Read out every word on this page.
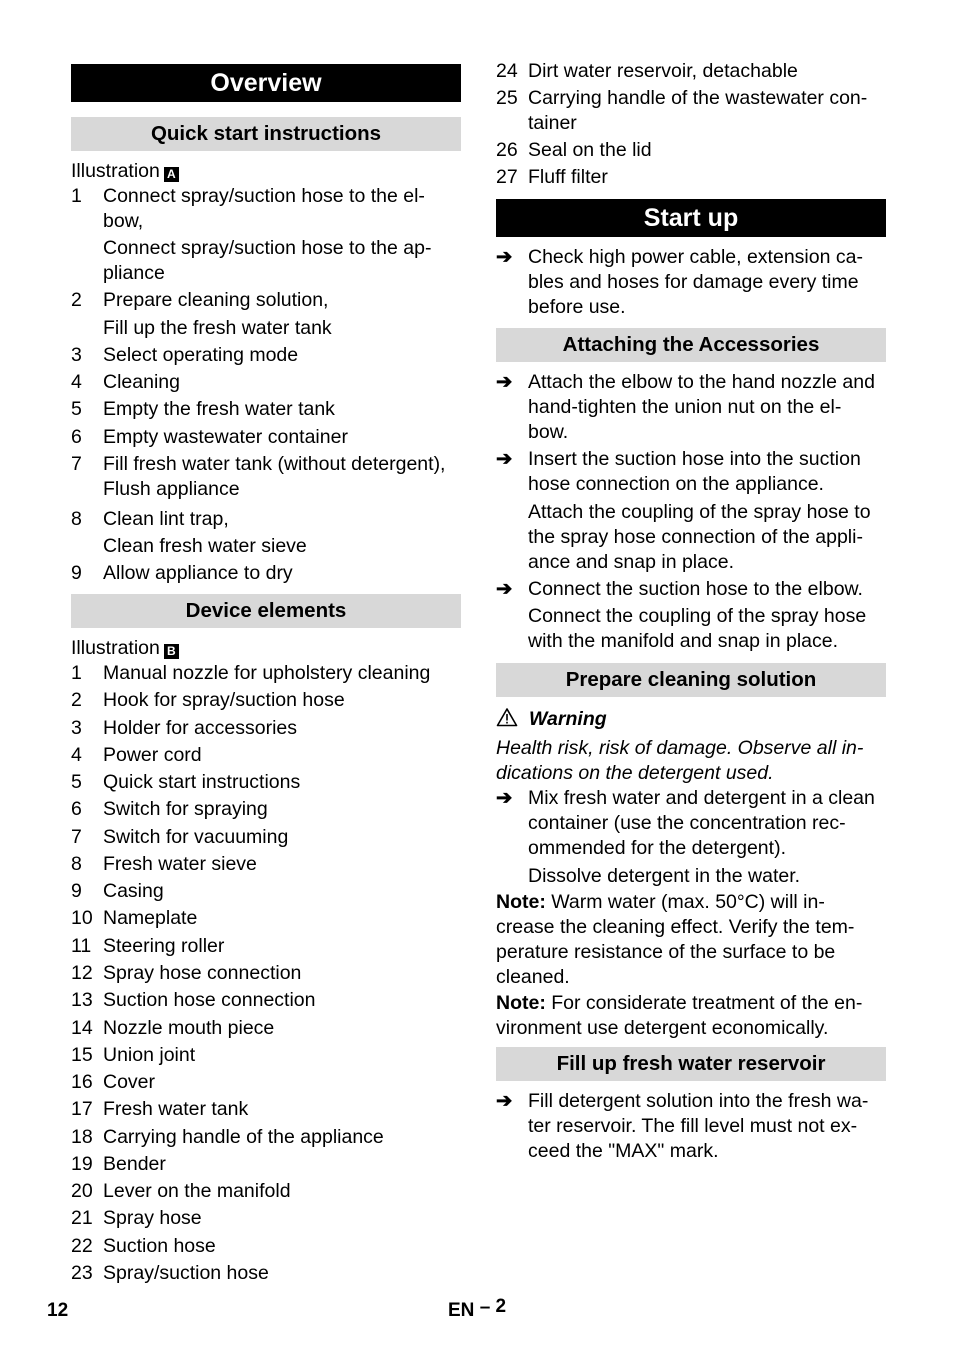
Overview
Quick start instructions
Illustration A
1 Connect spray/suction hose to the el-
bow,
Connect spray/suction hose to the ap-
pliance
2 Prepare cleaning solution,
Fill up the fresh water tank
3 Select operating mode
4 Cleaning
5 Empty the fresh water tank
6 Empty wastewater container
7 Fill fresh water tank (without detergent),
Flush appliance
8 Clean lint trap,
Clean fresh water sieve
9 Allow appliance to dry
Device elements
Illustration B
1 Manual nozzle for upholstery cleaning
2 Hook for spray/suction hose
3 Holder for accessories
4 Power cord
5 Quick start instructions
6 Switch for spraying
7 Switch for vacuuming
8 Fresh water sieve
9 Casing
10 Nameplate
11 Steering roller
12 Spray hose connection
13 Suction hose connection
14 Nozzle mouth piece
15 Union joint
16 Cover
17 Fresh water tank
18 Carrying handle of the appliance
19 Bender
20 Lever on the manifold
21 Spray hose
22 Suction hose
23 Spray/suction hose
24 Dirt water reservoir, detachable
25 Carrying handle of the wastewater con-
tainer
26 Seal on the lid
27 Fluff filter
Start up
➔ Check high power cable, extension ca-
bles and hoses for damage every time
before use.
Attaching the Accessories
➔ Attach the elbow to the hand nozzle and
hand-tighten the union nut on the el-
bow.
➔ Insert the suction hose into the suction
hose connection on the appliance.
Attach the coupling of the spray hose to
the spray hose connection of the appli-
ance and snap in place.
➔ Connect the suction hose to the elbow.
Connect the coupling of the spray hose
with the manifold and snap in place.
Prepare cleaning solution
Warning
Health risk, risk of damage. Observe all in-
dications on the detergent used.
➔ Mix fresh water and detergent in a clean
container (use the concentration rec-
ommended for the detergent).
Dissolve detergent in the water.
Note: Warm water (max. 50°C) will in-
crease the cleaning effect. Verify the tem-
perature resistance of the surface to be
cleaned.
Note: For considerate treatment of the en-
vironment use detergent economically.
Fill up fresh water reservoir
➔ Fill detergent solution into the fresh wa-
ter reservoir. The fill level must not ex-
ceed the "MAX" mark.
12	EN – 2
